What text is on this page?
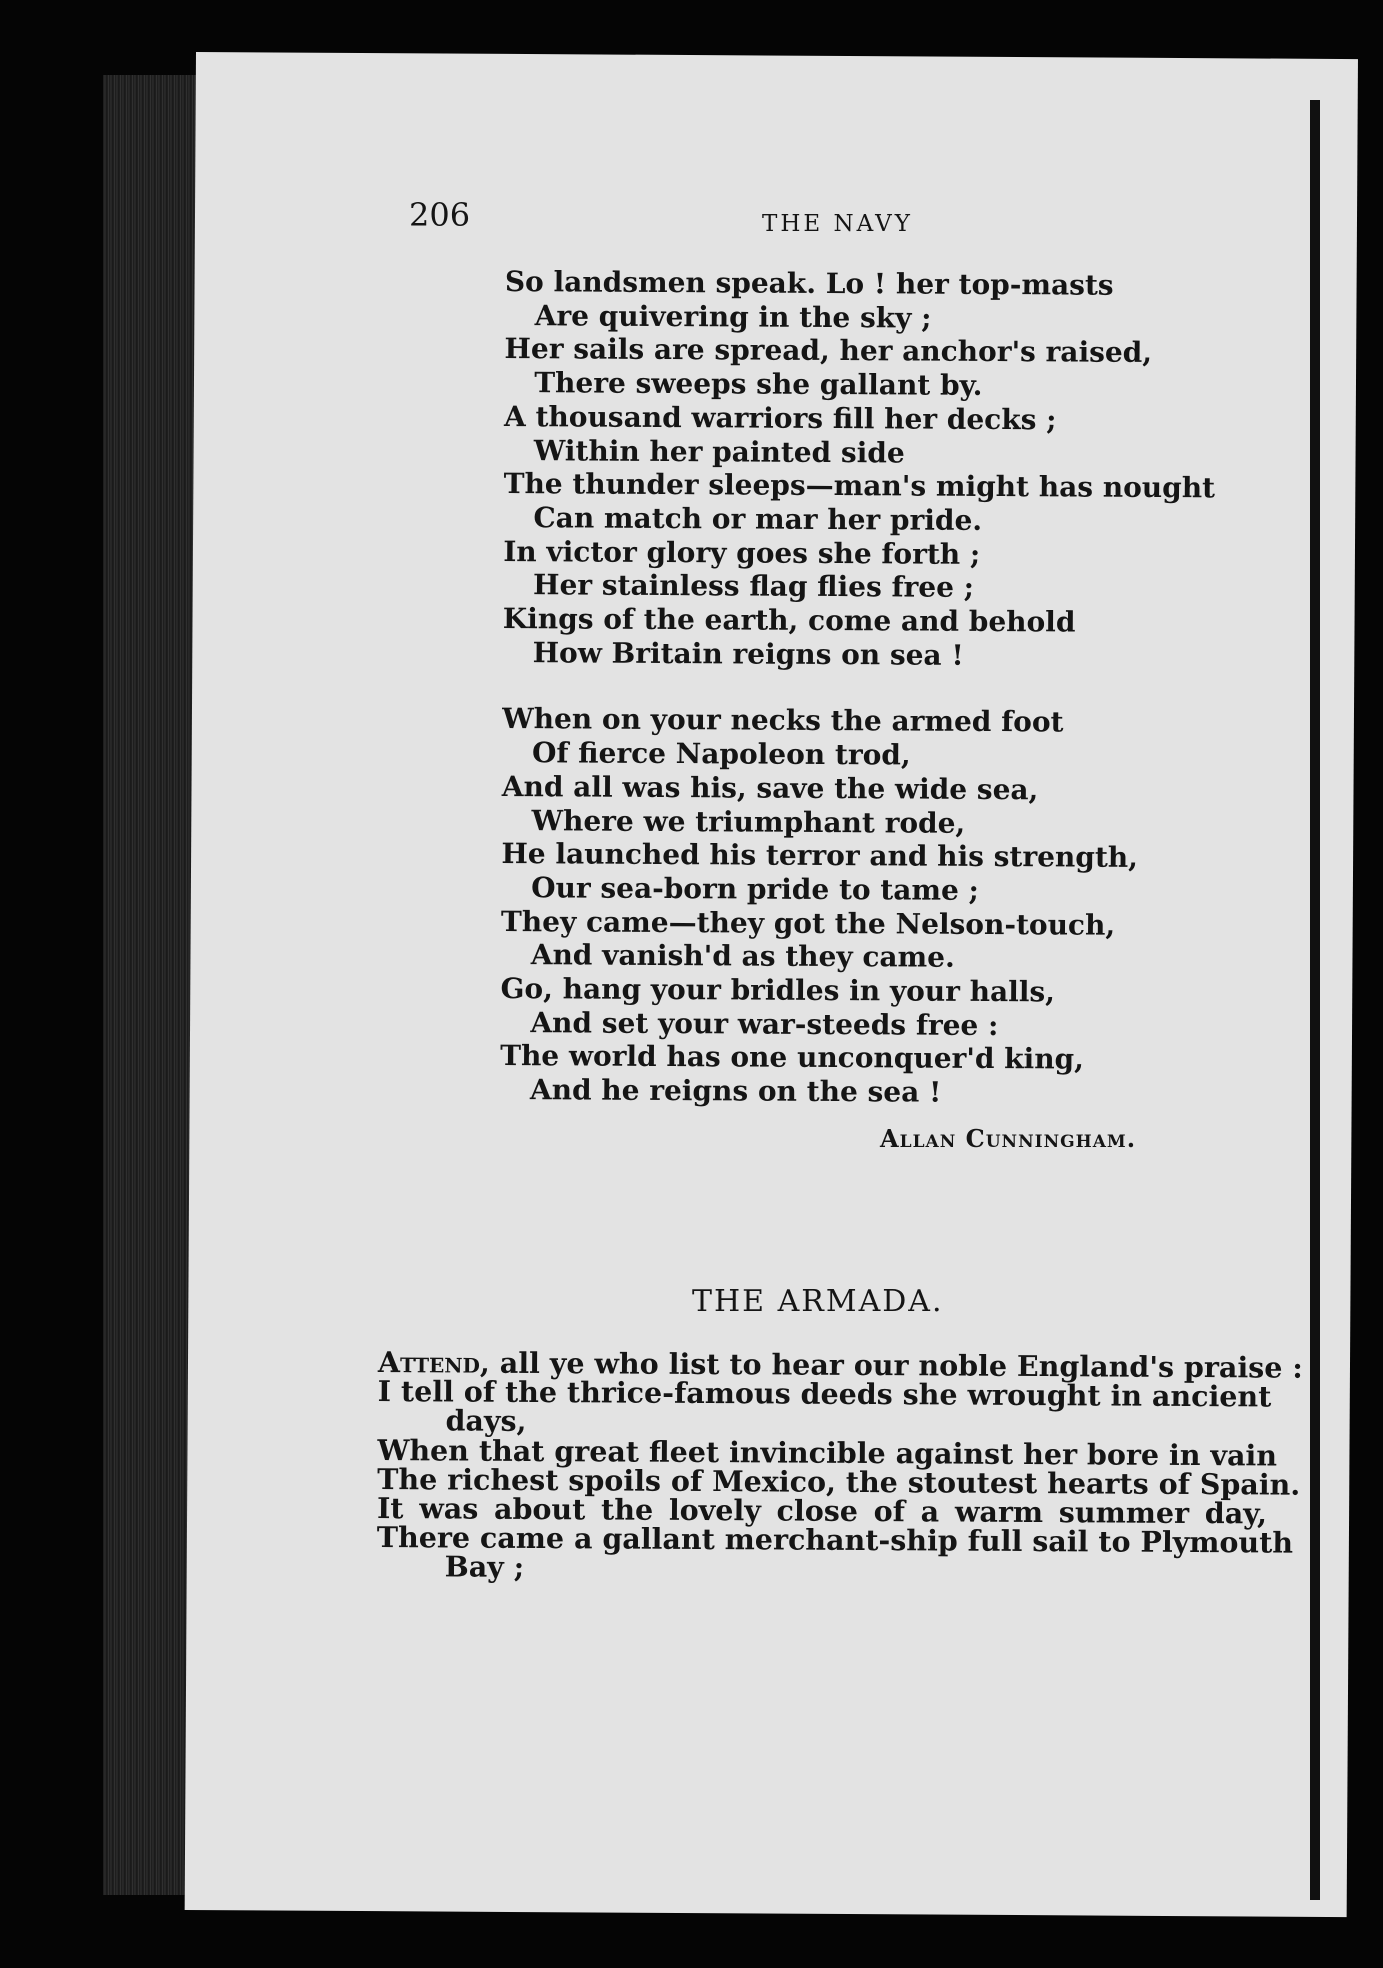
206	THE NAVY
So landsmen speak. Lo ! her top-masts
Are quivering in the sky ;
Her sails are spread, her anchor's raised,
There sweeps she gallant by.
A thousand warriors fill her decks ;
Within her painted side
The thunder sleeps—man's might has nought
Can match or mar her pride.
In victor glory goes she forth ;
Her stainless flag flies free ;
Kings of the earth, come and behold
How Britain reigns on sea !
When on your necks the armed foot
Of fierce Napoleon trod,
And all was his, save the wide sea,
Where we triumphant rode,
He launched his terror and his strength,
Our sea-born pride to tame ;
They came—they got the Nelson-touch,
And vanish'd as they came.
Go, hang your bridles in your halls,
And set your war-steeds free :
The world has one unconquer'd king,
And he reigns on the sea !
Allan Cunningham.
THE ARMADA.
Attend, all ye who list to hear our noble England's praise :
I tell of the thrice-famous deeds she wrought in ancient
days,
When that great fleet invincible against her bore in vain
The richest spoils of Mexico, the stoutest hearts of Spain.
It was about the lovely close of a warm summer day,
There came a gallant merchant-ship full sail to Plymouth
Bay ;
